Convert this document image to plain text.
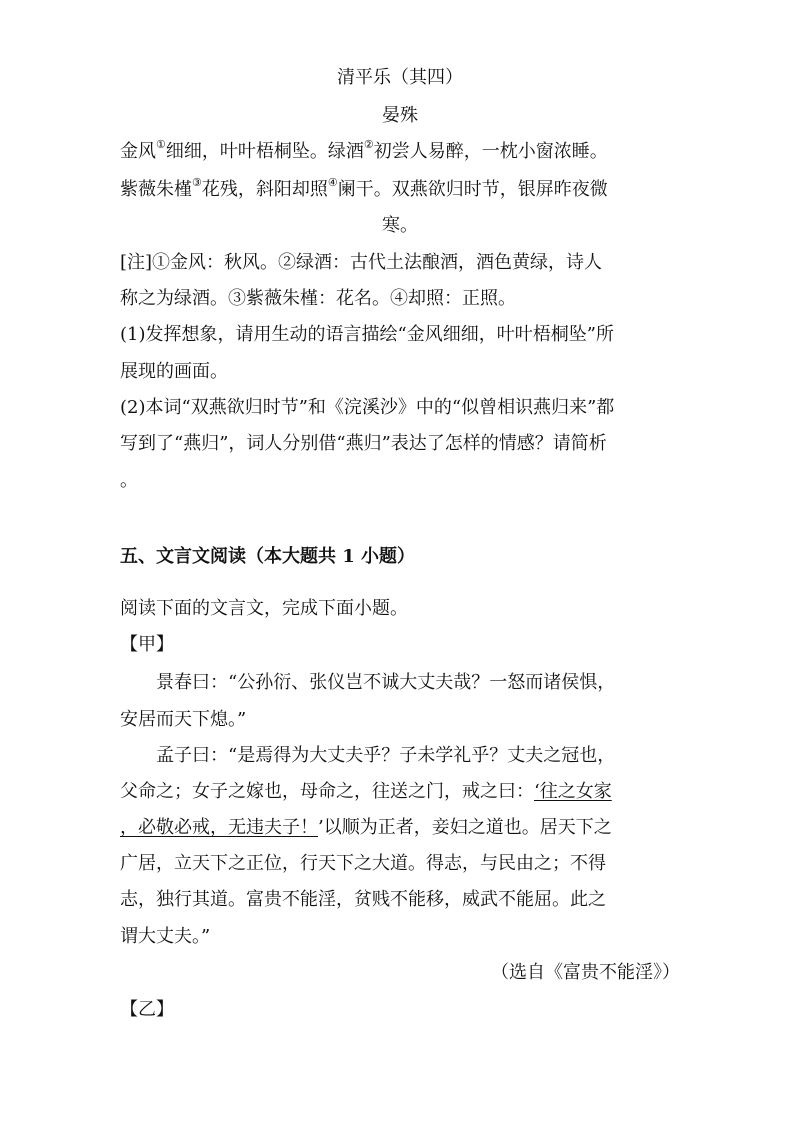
清平乐（其四）
晏殊
金风①细细，叶叶梧桐坠。绿酒②初尝人易醉，一枕小窗浓睡。
紫薇朱槿③花残，斜阳却照④阑干。双燕欲归时节，银屏昨夜微
寒。
[注]①金风：秋风。②绿酒：古代土法酿酒，酒色黄绿，诗人
称之为绿酒。③紫薇朱槿：花名。④却照：正照。
(1)发挥想象，请用生动的语言描绘“金风细细，叶叶梧桐坠”所
展现的画面。
(2)本词“双燕欲归时节”和《浣溪沙》中的“似曾相识燕归来”都
写到了“燕归”，词人分别借“燕归”表达了怎样的情感？请简析
。
五、文言文阅读（本大题共 1 小题）
阅读下面的文言文，完成下面小题。
【甲】
景春曰：“公孙衍、张仪岂不诚大丈夫哉？一怒而诸侯惧，
安居而天下熄。”
孟子曰：“是焉得为大丈夫乎？子未学礼乎？丈夫之冠也，
父命之；女子之嫁也，母命之，往送之门，戒之曰：‘往之女家
，必敬必戒，无违夫子！’以顺为正者，妾妇之道也。居天下之
广居，立天下之正位，行天下之大道。得志，与民由之；不得
志，独行其道。富贵不能淫，贫贱不能移，威武不能屈。此之
谓大丈夫。”
（选自《富贵不能淫》）
【乙】
